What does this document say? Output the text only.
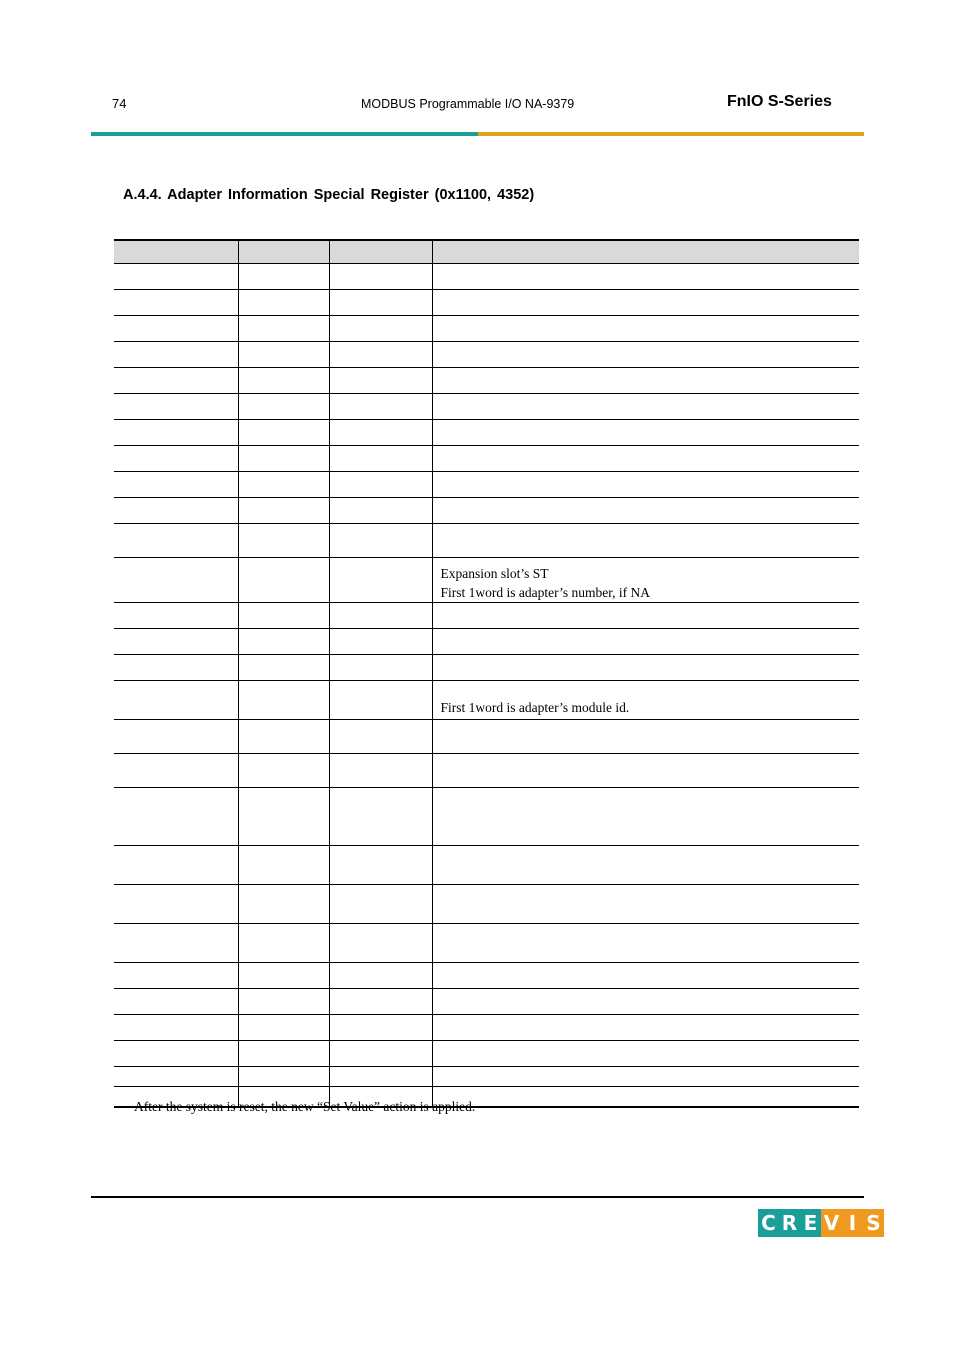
74	MODBUS Programmable I/O NA-9379	FnIO S-Series
A.4.4. Adapter Information Special Register (0x1100, 4352)

			Expansion slot’s ST
First 1word is adapter’s number, if NA

			First 1word is adapter’s module id.

After the system is reset, the new “Set Value” action is applied.
C R E V I S
